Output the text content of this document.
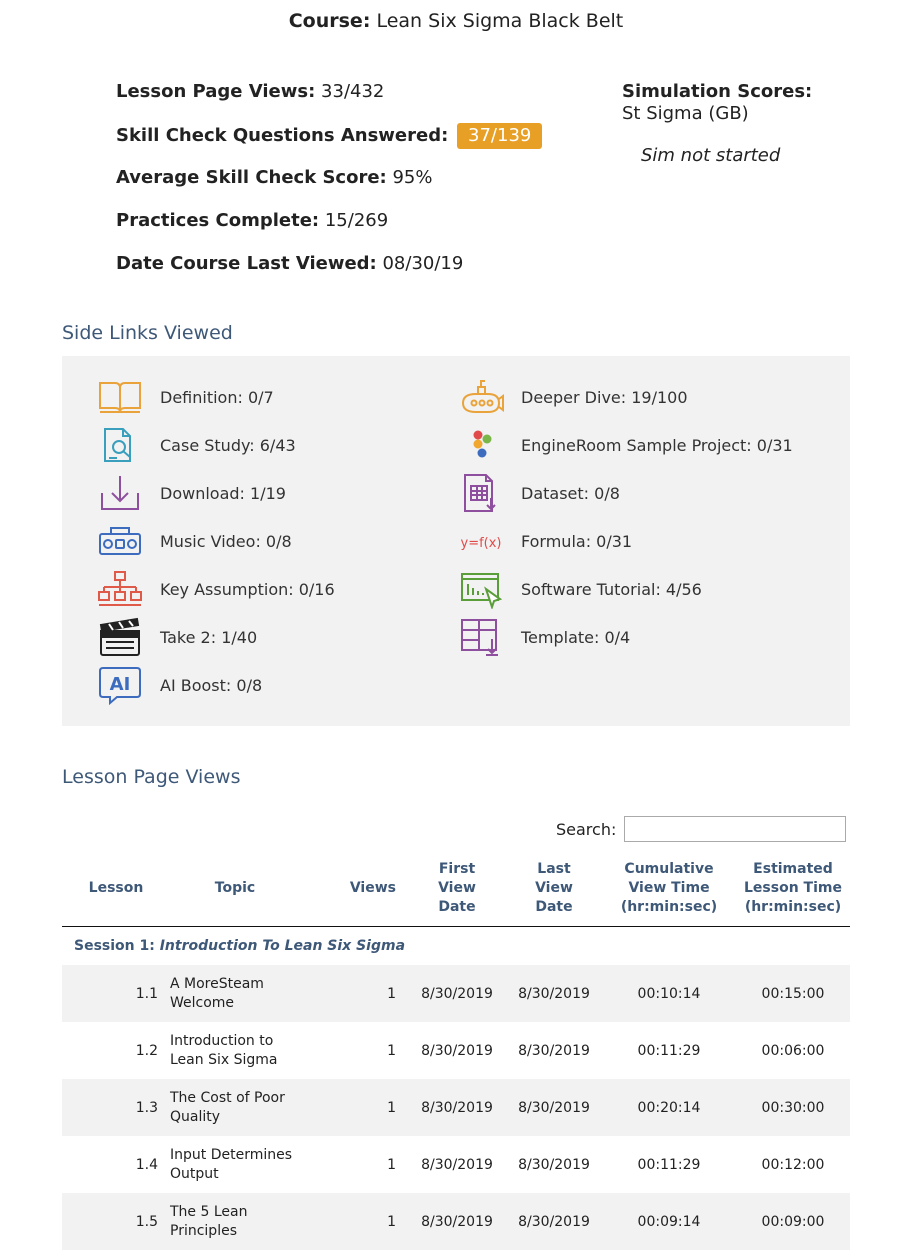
Course: Lean Six Sigma Black Belt
Lesson Page Views: 33/432
Skill Check Questions Answered: 37/139
Average Skill Check Score: 95%
Practices Complete: 15/269
Date Course Last Viewed: 08/30/19
Simulation Scores:
St Sigma (GB)
Sim not started
Side Links Viewed
Definition: 0/7
Case Study: 6/43
Download: 1/19
Music Video: 0/8
Key Assumption: 0/16
Take 2: 1/40
AI AI Boost: 0/8
Deeper Dive: 19/100
EngineRoom Sample Project: 0/31
Dataset: 0/8
y=f(x) Formula: 0/31
Software Tutorial: 4/56
Template: 0/4
Lesson Page Views
Search:
Lesson	Topic	Views	First
View
Date	Last
View
Date	Cumulative
View Time
(hr:min:sec)	Estimated
Lesson Time
(hr:min:sec)
Session 1: Introduction To Lean Six Sigma						
1.1	A MoreSteam
Welcome	1	8/30/2019	8/30/2019	00:10:14	00:15:00
1.2	Introduction to
Lean Six Sigma	1	8/30/2019	8/30/2019	00:11:29	00:06:00
1.3	The Cost of Poor
Quality	1	8/30/2019	8/30/2019	00:20:14	00:30:00
1.4	Input Determines
Output	1	8/30/2019	8/30/2019	00:11:29	00:12:00
1.5	The 5 Lean
Principles	1	8/30/2019	8/30/2019	00:09:14	00:09:00
